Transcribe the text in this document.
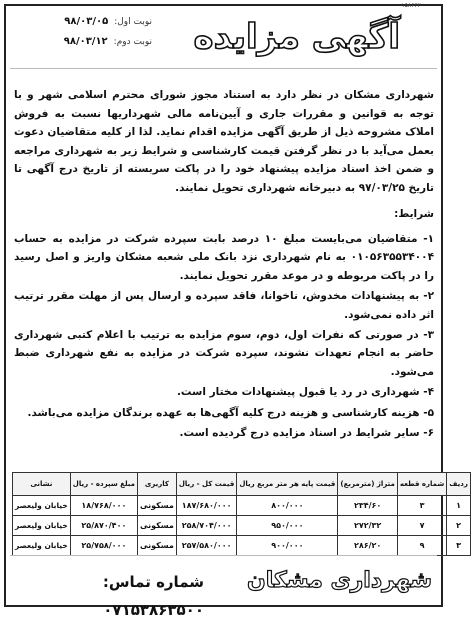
۱۵۸۶۶۲۰
نوبت اول:
۹۸/۰۳/۰۵
نوبت دوم:
۹۸/۰۳/۱۲	آگهی مزایده
شهرداری مشکان در نظر دارد به استناد مجوز شورای محترم اسلامی شهر و با توجه به قوانین و مقررات جاری و آیین‌نامه مالی شهرداریها نسبت به فروش املاک مشروحه ذیل از طریق آگهی مزایده اقدام نماید. لذا از کلیه متقاضیان دعوت بعمل می‌آید با در نظر گرفتن قیمت کارشناسی و شرایط زیر به شهرداری مراجعه و ضمن اخذ اسناد مزایده پیشنهاد خود را در پاکت سربسته از تاریخ درج آگهی تا تاریخ ۹۷/۰۳/۲۵ به دبیرخانه شهرداری تحویل نمایند.
شرایط:

۱- متقاضیان می‌بایست مبلغ ۱۰ درصد بابت سپرده شرکت در مزایده به حساب ۰۱۰۵۶۳۵۵۳۴۰۰۴ به نام شهرداری نزد بانک ملی شعبه مشکان واریز و اصل رسید را در پاکت مربوطه و در موعد مقرر تحویل نمایند.

۲- به پیشنهادات مخدوش، ناخوانا، فاقد سپرده و ارسال پس از مهلت مقرر ترتیب اثر داده نمی‌شود.

۳- در صورتی که نفرات اول، دوم، سوم مزایده به ترتیب با اعلام کتبی شهرداری حاضر به انجام تعهدات نشوند، سپرده شرکت در مزایده به نفع شهرداری ضبط می‌شود.

۴- شهرداری در رد یا قبول پیشنهادات مختار است.

۵- هزینه کارشناسی و هزینه درج کلیه آگهی‌ها به عهده برندگان مزایده می‌باشد.

۶- سایر شرایط در اسناد مزایده درج گردیده است.

ردیف	شماره قطعه	متراژ (مترمربع)	قیمت پایه هر متر مربع ریال	قیمت کل - ریال	کاربری	مبلغ سپرده - ریال	نشانی
۱	۳	۲۳۴/۶۰	۸۰۰/۰۰۰	۱۸۷/۶۸۰/۰۰۰	مسکونی	۱۸/۷۶۸/۰۰۰	خیابان ولیعصر
۲	۷	۲۷۲/۳۲	۹۵۰/۰۰۰	۲۵۸/۷۰۴/۰۰۰	مسکونی	۲۵/۸۷۰/۴۰۰	خیابان ولیعصر
۳	۹	۲۸۶/۲۰	۹۰۰/۰۰۰	۲۵۷/۵۸۰/۰۰۰	مسکونی	۲۵/۷۵۸/۰۰۰	خیابان ولیعصر
شهرداری مشکان
شماره تماس: ۰۷۱۵۳۸۶۳۵۰۰
